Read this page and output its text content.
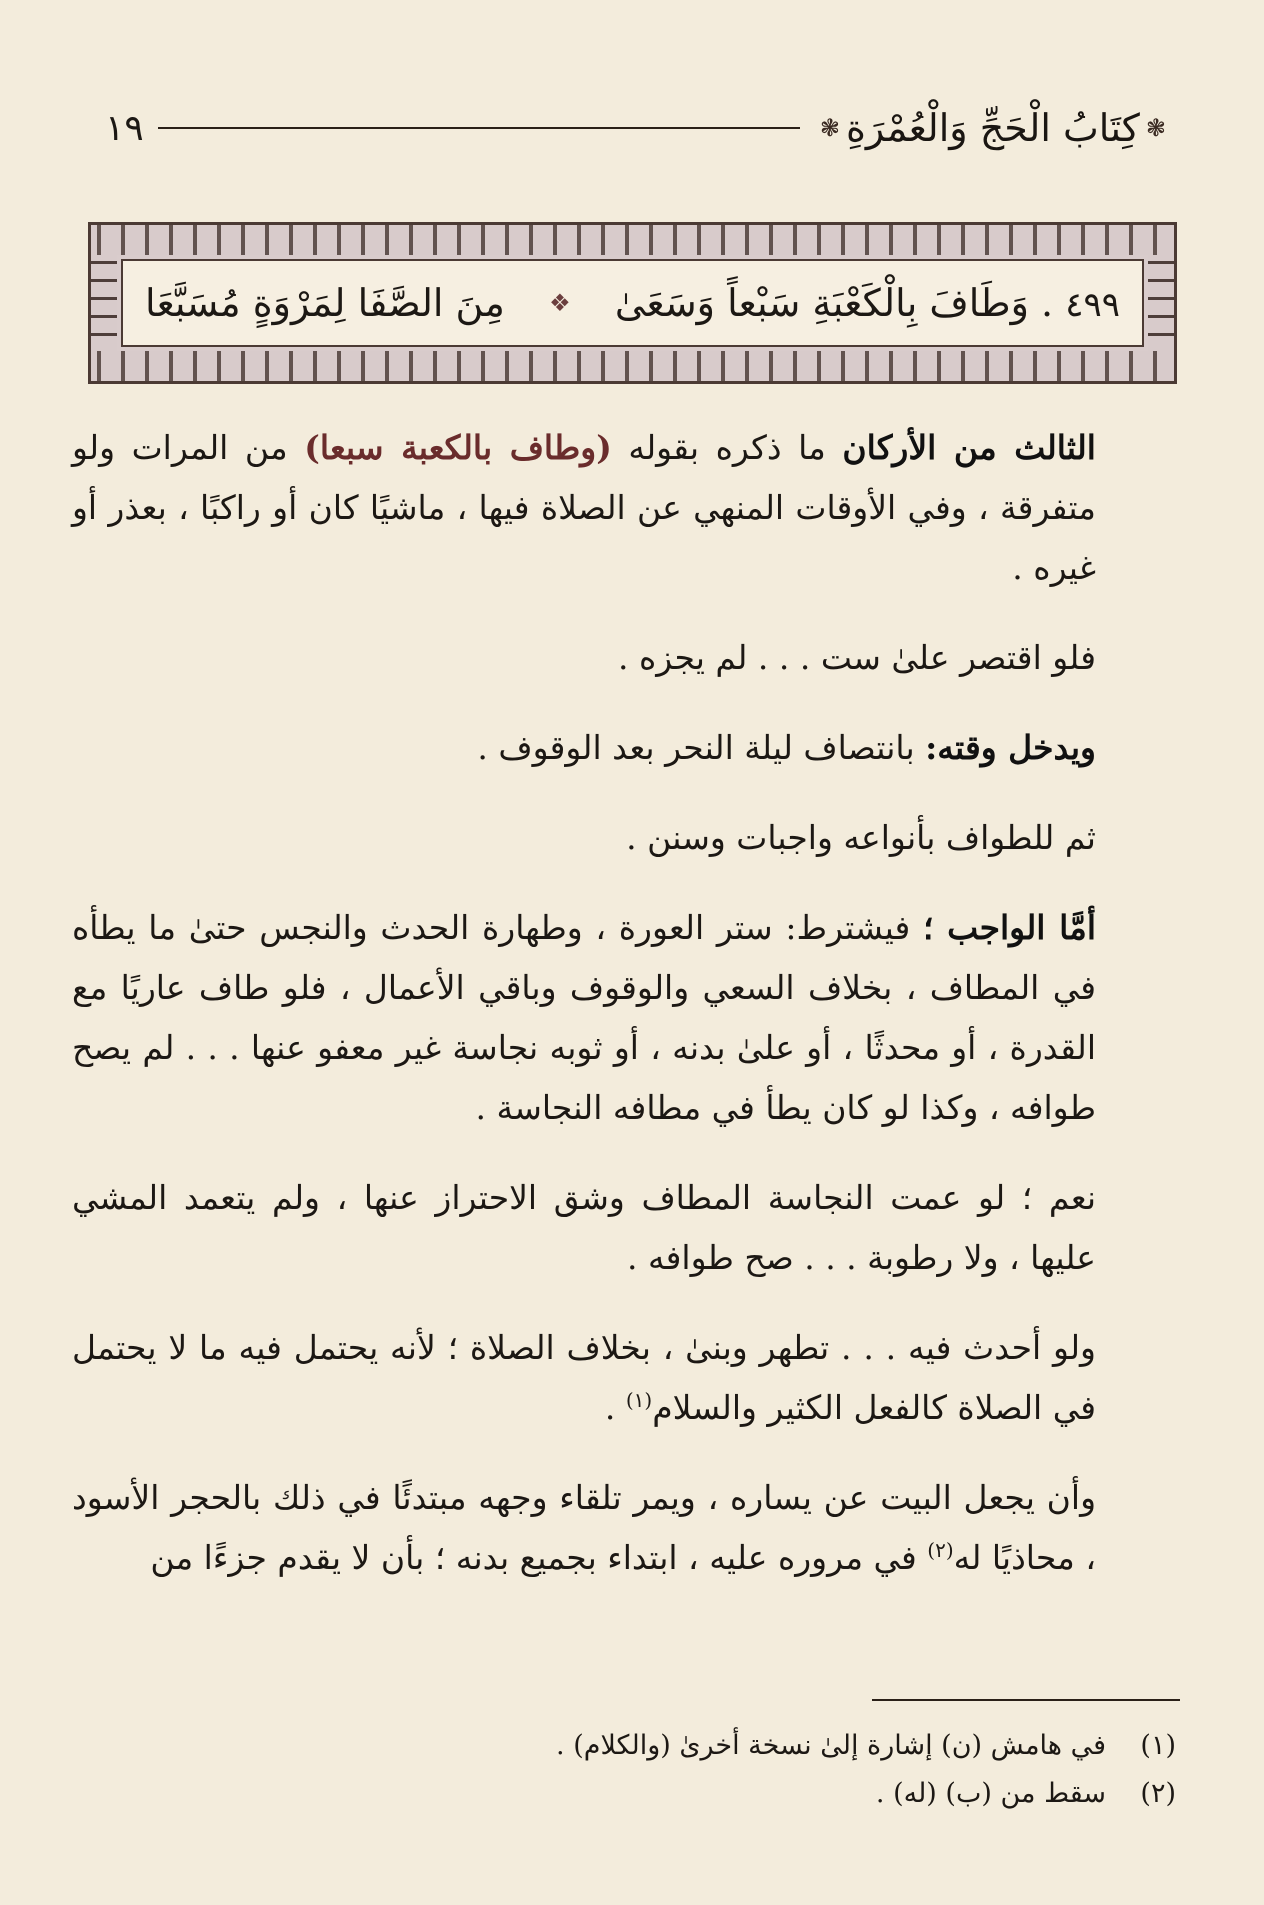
❃
كِتَابُ الْحَجِّ وَالْعُمْرَةِ
❃
١٩
٤٩٩ . وَطَافَ بِالْكَعْبَةِ سَبْعاً وَسَعَىٰ
❖
مِنَ الصَّفَا لِمَرْوَةٍ مُسَبَّعَا

الثالث من الأركان ما ذكره بقوله (وطاف بالكعبة سبعا) من المرات ولو متفرقة ، وفي الأوقات المنهي عن الصلاة فيها ، ماشيًا كان أو راكبًا ، بعذر أو غيره .

فلو اقتصر علىٰ ست . . . لم يجزه .

ويدخل وقته: بانتصاف ليلة النحر بعد الوقوف .

ثم للطواف بأنواعه واجبات وسنن .

أمَّا الواجب ؛ فيشترط: ستر العورة ، وطهارة الحدث والنجس حتىٰ ما يطأه في المطاف ، بخلاف السعي والوقوف وباقي الأعمال ، فلو طاف عاريًا مع القدرة ، أو محدثًا ، أو علىٰ بدنه ، أو ثوبه نجاسة غير معفو عنها . . . لم يصح طوافه ، وكذا لو كان يطأ في مطافه النجاسة .

نعم ؛ لو عمت النجاسة المطاف وشق الاحتراز عنها ، ولم يتعمد المشي عليها ، ولا رطوبة . . . صح طوافه .

ولو أحدث فيه . . . تطهر وبنىٰ ، بخلاف الصلاة ؛ لأنه يحتمل فيه ما لا يحتمل في الصلاة كالفعل الكثير والسلام$^{(١)}$ .

وأن يجعل البيت عن يساره ، ويمر تلقاء وجهه مبتدئًا في ذلك بالحجر الأسود ، محاذيًا له$^{(٢)}$ في مروره عليه ، ابتداء بجميع بدنه ؛ بأن لا يقدم جزءًا من

(١)
في هامش (ن) إشارة إلىٰ نسخة أخرىٰ (والكلام) .
(٢)
سقط من (ب) (له) .
